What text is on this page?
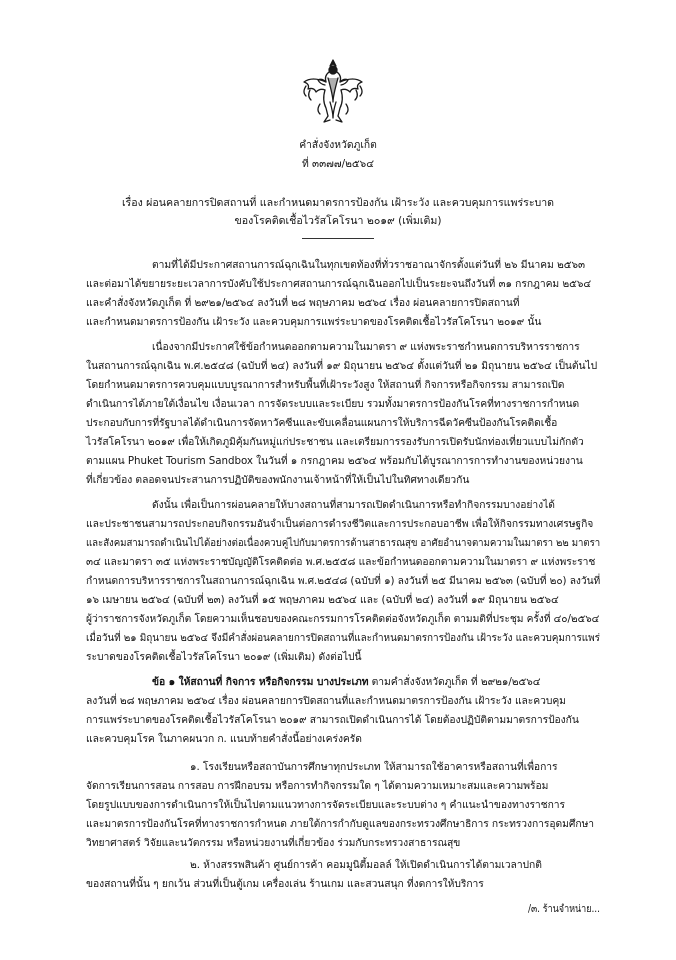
คำสั่งจังหวัดภูเก็ต
ที่ ๓๓๗๗/๒๕๖๔
เรื่อง ผ่อนคลายการปิดสถานที่ และกำหนดมาตรการป้องกัน เฝ้าระวัง และควบคุมการแพร่ระบาด
ของโรคติดเชื้อไวรัสโคโรนา ๒๐๑๙ (เพิ่มเติม)
ตามที่ได้มีประกาศสถานการณ์ฉุกเฉินในทุกเขตท้องที่ทั่วราชอาณาจักรตั้งแต่วันที่ ๒๖ มีนาคม ๒๕๖๓
และต่อมาได้ขยายระยะเวลาการบังคับใช้ประกาศสถานการณ์ฉุกเฉินออกไปเป็นระยะจนถึงวันที่ ๓๑ กรกฎาคม ๒๕๖๔
และคำสั่งจังหวัดภูเก็ต ที่ ๒๙๒๑/๒๕๖๔ ลงวันที่ ๒๘ พฤษภาคม ๒๕๖๔ เรื่อง ผ่อนคลายการปิดสถานที่
และกำหนดมาตรการป้องกัน เฝ้าระวัง และควบคุมการแพร่ระบาดของโรคติดเชื้อไวรัสโคโรนา ๒๐๑๙ นั้น
เนื่องจากมีประกาศใช้ข้อกำหนดออกตามความในมาตรา ๙ แห่งพระราชกำหนดการบริหารราชการ
ในสถานการณ์ฉุกเฉิน พ.ศ.๒๕๔๘ (ฉบับที่ ๒๔) ลงวันที่ ๑๙ มิถุนายน ๒๕๖๔ ตั้งแต่วันที่ ๒๑ มิถุนายน ๒๕๖๔ เป็นต้นไป
โดยกำหนดมาตรการควบคุมแบบบูรณาการสำหรับพื้นที่เฝ้าระวังสูง ให้สถานที่ กิจการหรือกิจกรรม สามารถเปิด
ดำเนินการได้ภายใต้เงื่อนไข เงื่อนเวลา การจัดระบบและระเบียบ รวมทั้งมาตรการป้องกันโรคที่ทางราชการกำหนด
ประกอบกับการที่รัฐบาลได้ดำเนินการจัดหาวัคซีนและขับเคลื่อนแผนการให้บริการฉีดวัคซีนป้องกันโรคติดเชื้อ
ไวรัสโคโรนา ๒๐๑๙ เพื่อให้เกิดภูมิคุ้มกันหมู่แก่ประชาชน และเตรียมการรองรับการเปิดรับนักท่องเที่ยวแบบไม่กักตัว
ตามแผน Phuket Tourism Sandbox ในวันที่ ๑ กรกฎาคม ๒๕๖๔ พร้อมกับได้บูรณาการการทำงานของหน่วยงาน
ที่เกี่ยวข้อง ตลอดจนประสานการปฏิบัติของพนักงานเจ้าหน้าที่ให้เป็นไปในทิศทางเดียวกัน
ดังนั้น เพื่อเป็นการผ่อนคลายให้บางสถานที่สามารถเปิดดำเนินการหรือทำกิจกรรมบางอย่างได้
และประชาชนสามารถประกอบกิจกรรมอันจำเป็นต่อการดำรงชีวิตและการประกอบอาชีพ เพื่อให้กิจกรรมทางเศรษฐกิจ
และสังคมสามารถดำเนินไปได้อย่างต่อเนื่องควบคู่ไปกับมาตรการด้านสาธารณสุข อาศัยอำนาจตามความในมาตรา ๒๒ มาตรา
๓๔ และมาตรา ๓๕ แห่งพระราชบัญญัติโรคติดต่อ พ.ศ.๒๕๕๘ และข้อกำหนดออกตามความในมาตรา ๙ แห่งพระราช
กำหนดการบริหารราชการในสถานการณ์ฉุกเฉิน พ.ศ.๒๕๔๘ (ฉบับที่ ๑) ลงวันที่ ๒๕ มีนาคม ๒๕๖๓ (ฉบับที่ ๒๐) ลงวันที่
๑๖ เมษายน ๒๕๖๔ (ฉบับที่ ๒๓) ลงวันที่ ๑๕ พฤษภาคม ๒๕๖๔ และ (ฉบับที่ ๒๔) ลงวันที่ ๑๙ มิถุนายน ๒๕๖๔
ผู้ว่าราชการจังหวัดภูเก็ต โดยความเห็นชอบของคณะกรรมการโรคติดต่อจังหวัดภูเก็ต ตามมติที่ประชุม ครั้งที่ ๔๐/๒๕๖๔
เมื่อวันที่ ๒๑ มิถุนายน ๒๕๖๔ จึงมีคำสั่งผ่อนคลายการปิดสถานที่และกำหนดมาตรการป้องกัน เฝ้าระวัง และควบคุมการแพร่
ระบาดของโรคติดเชื้อไวรัสโคโรนา ๒๐๑๙ (เพิ่มเติม) ดังต่อไปนี้
ข้อ ๑ ให้สถานที่ กิจการ หรือกิจกรรม บางประเภท ตามคำสั่งจังหวัดภูเก็ต ที่ ๒๙๒๑/๒๕๖๔
ลงวันที่ ๒๘ พฤษภาคม ๒๕๖๔ เรื่อง ผ่อนคลายการปิดสถานที่และกำหนดมาตรการป้องกัน เฝ้าระวัง และควบคุม
การแพร่ระบาดของโรคติดเชื้อไวรัสโคโรนา ๒๐๑๙ สามารถเปิดดำเนินการได้ โดยต้องปฏิบัติตามมาตรการป้องกัน
และควบคุมโรค ในภาคผนวก ก. แนบท้ายคำสั่งนี้อย่างเคร่งครัด
๑. โรงเรียนหรือสถาบันการศึกษาทุกประเภท ให้สามารถใช้อาคารหรือสถานที่เพื่อการ
จัดการเรียนการสอน การสอบ การฝึกอบรม หรือการทำกิจกรรมใด ๆ ได้ตามความเหมาะสมและความพร้อม
โดยรูปแบบของการดำเนินการให้เป็นไปตามแนวทางการจัดระเบียบและระบบต่าง ๆ คำแนะนำของทางราชการ
และมาตรการป้องกันโรคที่ทางราชการกำหนด ภายใต้การกำกับดูแลของกระทรวงศึกษาธิการ กระทรวงการอุดมศึกษา
วิทยาศาสตร์ วิจัยและนวัตกรรม หรือหน่วยงานที่เกี่ยวข้อง ร่วมกับกระทรวงสาธารณสุข
๒. ห้างสรรพสินค้า ศูนย์การค้า คอมมูนิตี้มอลล์ ให้เปิดดำเนินการได้ตามเวลาปกติ
ของสถานที่นั้น ๆ ยกเว้น ส่วนที่เป็นตู้เกม เครื่องเล่น ร้านเกม และสวนสนุก ที่งดการให้บริการ
/๓. ร้านจำหน่าย...
